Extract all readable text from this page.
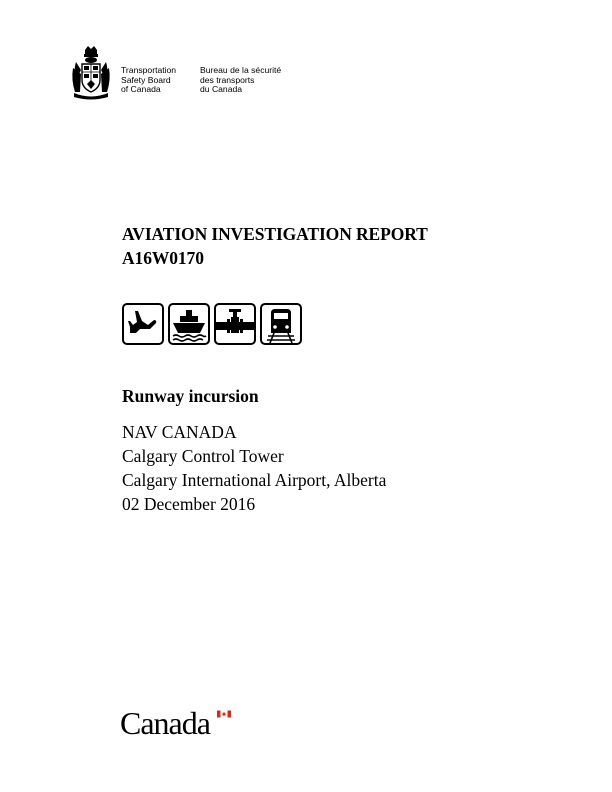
Transportation
Safety Board
of Canada
Bureau de la sécurité
des transports
du Canada
AVIATION INVESTIGATION REPORT
A16W0170
Runway incursion
NAV CANADA
Calgary Control Tower
Calgary International Airport, Alberta
02 December 2016
Canada
